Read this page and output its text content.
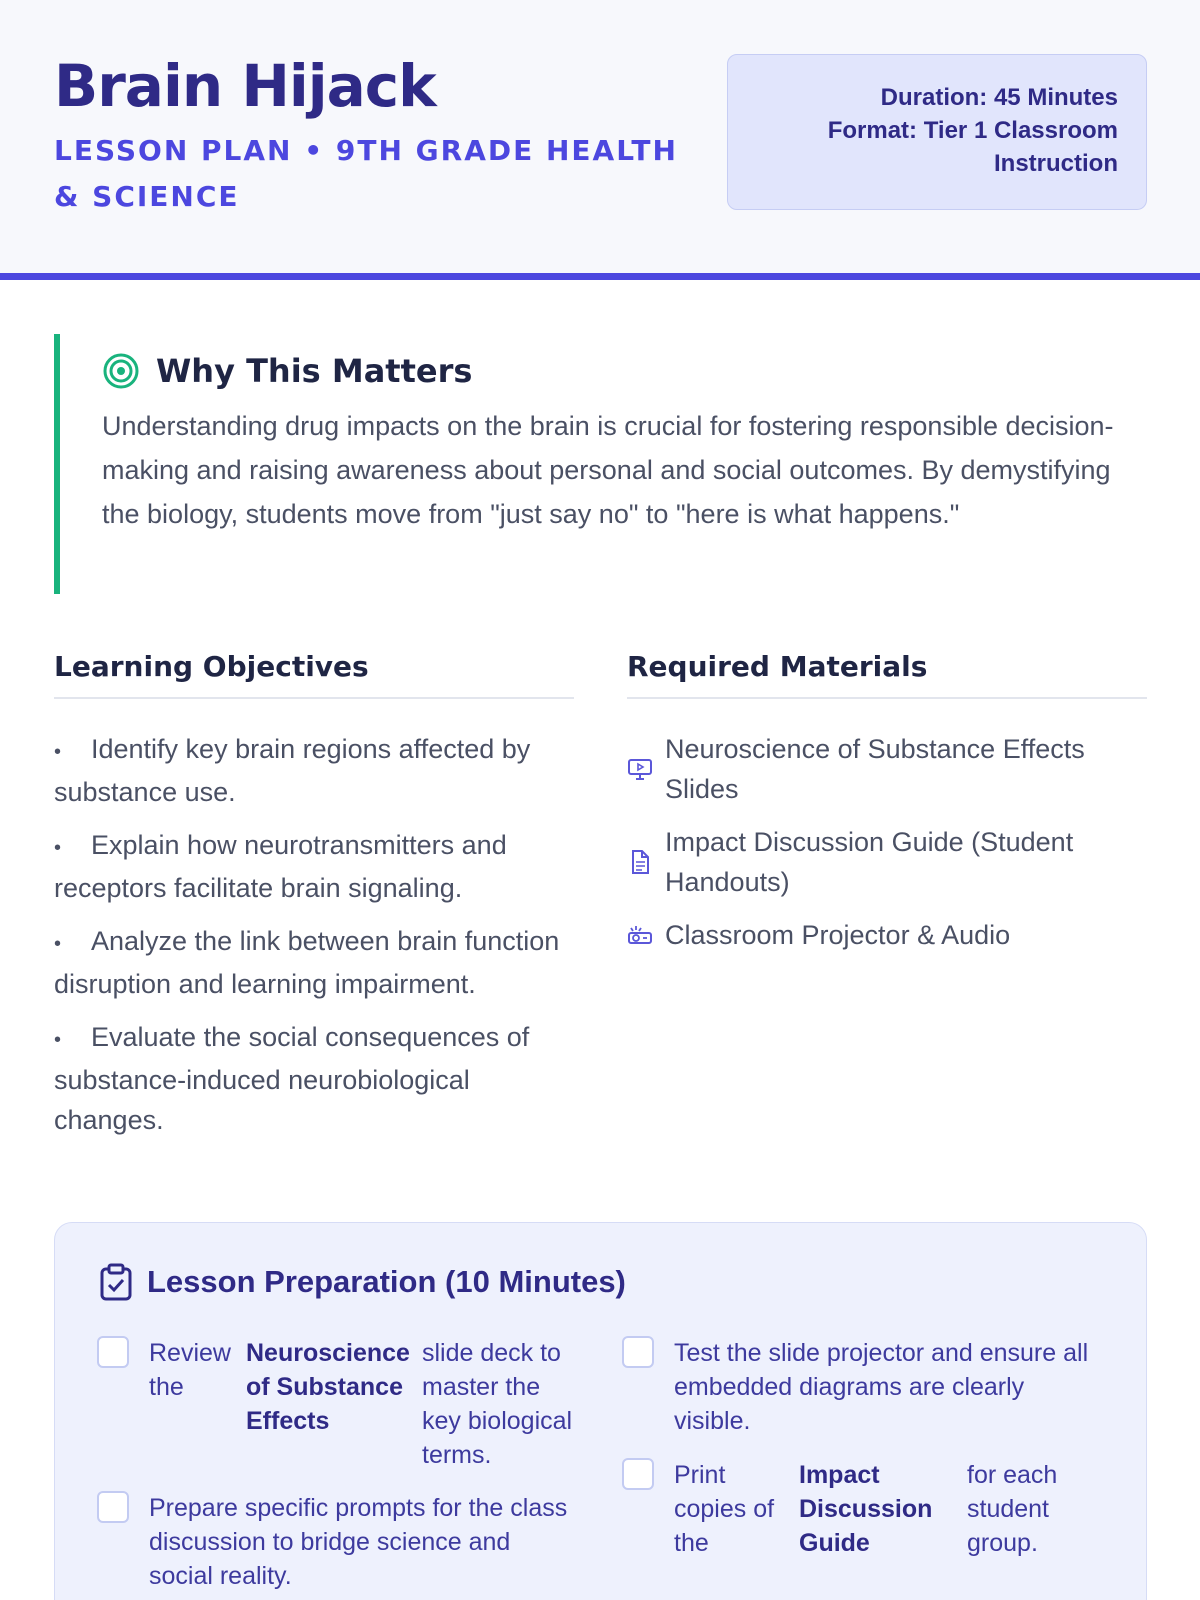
Brain Hijack
LESSON PLAN • 9TH GRADE HEALTH & SCIENCE
Duration: 45 Minutes
Format: Tier 1 Classroom
Instruction
Why This Matters

Understanding drug impacts on the brain is crucial for fostering responsible decision-making and raising awareness about personal and social outcomes. By demystifying the biology, students move from "just say no" to "here is what happens."

Learning Objectives
•Identify key brain regions affected by substance use.
•Explain how neurotransmitters and receptors facilitate brain signaling.
•Analyze the link between brain function disruption and learning impairment.
•Evaluate the social consequences of substance-induced neurobiological changes.
Required Materials
Neuroscience of Substance Effects Slides
Impact Discussion Guide (Student Handouts)
Classroom Projector & Audio
Lesson Preparation (10 Minutes)
Review theNeuroscience of Substance Effectsslide deck to master the key biological terms.
Prepare specific prompts for the class discussion to bridge science and social reality.
Test the slide projector and ensure all embedded diagrams are clearly visible.
Print copies of theImpact Discussion Guidefor each student group.
